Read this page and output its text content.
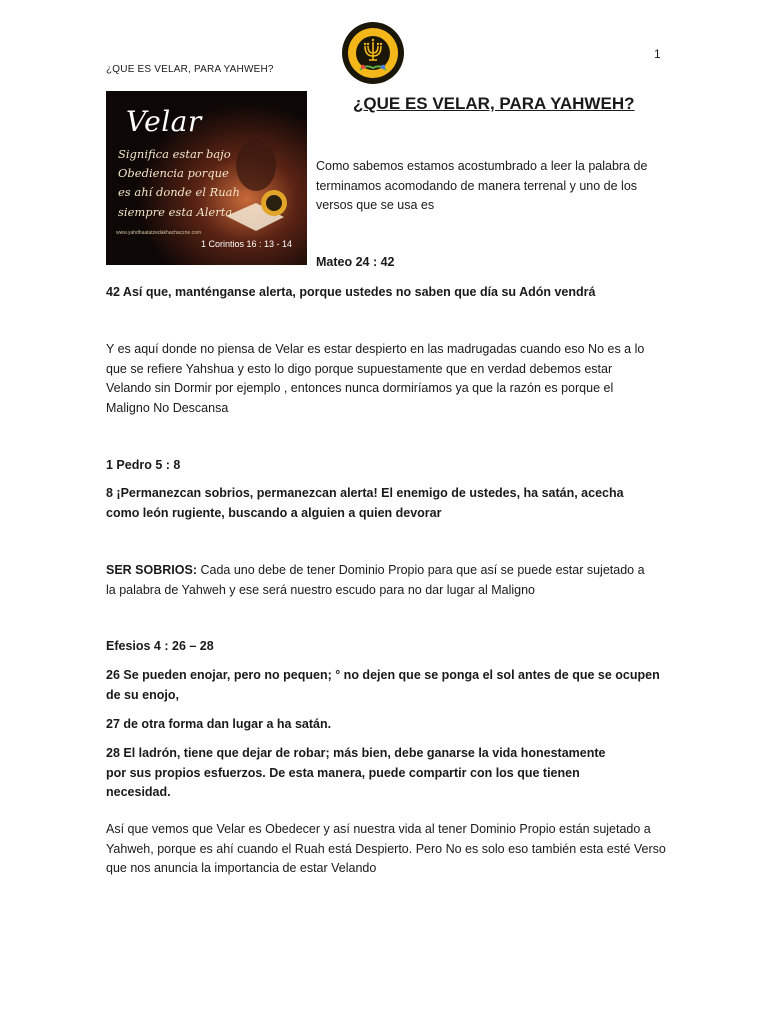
¿QUE ES VELAR, PARA YAHWEH?
1
Velar
Significa estar bajo
Obediencia porque
es ahí donde el Ruah
siempre esta Alerta
www.yahdhaatatzedakhachaczne.com
1 Corintios 16 : 13 - 14
¿QUE ES VELAR, PARA YAHWEH?
Como sabemos estamos acostumbrado a leer la palabra de terminamos acomodando de manera terrenal y uno de los versos que se usa es
Mateo 24 : 42
42 Así que, manténganse alerta, porque ustedes no saben que día su Adón vendrá
Y es aquí donde no piensa de Velar es estar despierto en las madrugadas cuando eso No es a lo que se refiere Yahshua y esto lo digo porque supuestamente que en verdad debemos estar Velando sin Dormir por ejemplo , entonces nunca dormiríamos ya que la razón es porque el Maligno No Descansa
1 Pedro 5 : 8
8 ¡Permanezcan sobrios, permanezcan alerta! El enemigo de ustedes, ha satán, acecha como león rugiente, buscando a alguien a quien devorar
SER SOBRIOS: Cada uno debe de tener Dominio Propio para que así se puede estar sujetado a la palabra de Yahweh y ese será nuestro escudo para no dar lugar al Maligno
Efesios 4 : 26 – 28
26 Se pueden enojar, pero no pequen; ° no dejen que se ponga el sol antes de que se ocupen de su enojo,
27 de otra forma dan lugar a ha satán.
28 El ladrón, tiene que dejar de robar; más bien, debe ganarse la vida honestamente por sus propios esfuerzos. De esta manera, puede compartir con los que tienen necesidad.
Así que vemos que Velar es Obedecer y así nuestra vida al tener Dominio Propio están sujetado a Yahweh, porque es ahí cuando el Ruah está Despierto. Pero No es solo eso también esta esté Verso que nos anuncia la importancia de estar Velando
